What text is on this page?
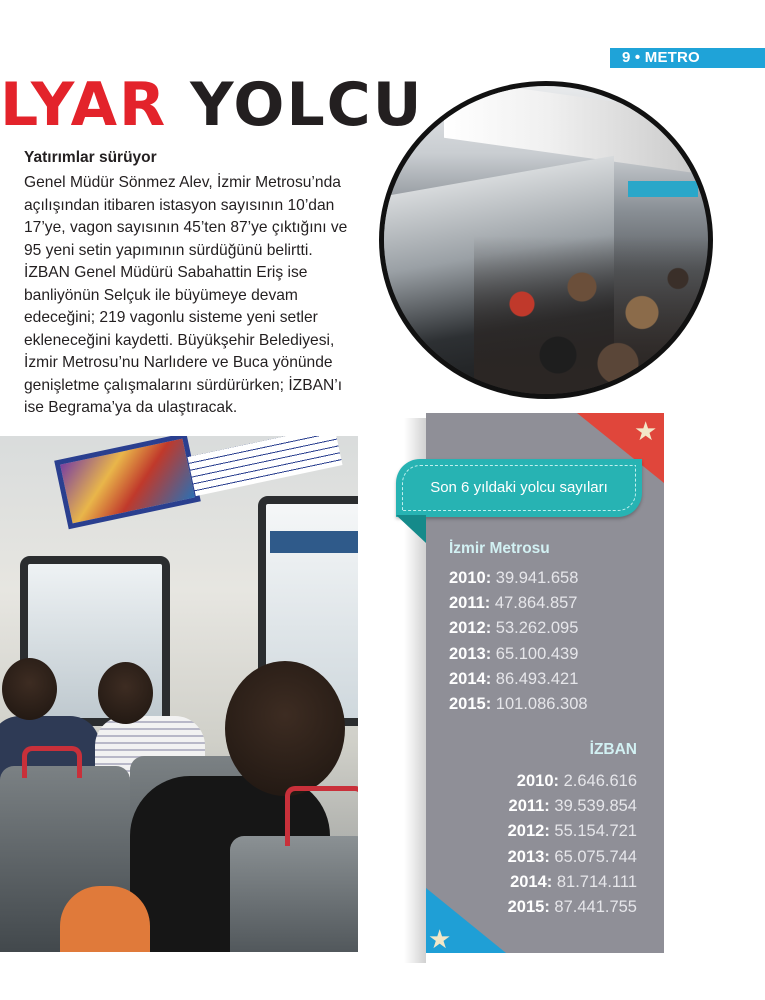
9 • METRO
LYAR YOLCU
Yatırımlar sürüyor
Genel Müdür Sönmez Alev, İzmir Metrosu’nda
açılışından itibaren istasyon sayısının 10’dan
17’ye, vagon sayısının 45’ten 87’ye çıktığını ve
95 yeni setin yapımının sürdüğünü belirtti.
İZBAN Genel Müdürü Sabahattin Eriş ise
banliyönün Selçuk ile büyümeye devam
edeceğini; 219 vagonlu sisteme yeni setler
ekleneceğini kaydetti. Büyükşehir Belediyesi,
İzmir Metrosu’nu Narlıdere ve Buca yönünde
genişletme çalışmalarını sürdürürken; İZBAN’ı
ise Begrama’ya da ulaştıracak.
★
★
Son 6 yıldaki yolcu sayıları
İzmir Metrosu
2010: 39.941.658
2011: 47.864.857
2012: 53.262.095
2013: 65.100.439
2014: 86.493.421
2015: 101.086.308
İZBAN
2010: 2.646.616
2011: 39.539.854
2012: 55.154.721
2013: 65.075.744
2014: 81.714.111
2015: 87.441.755
